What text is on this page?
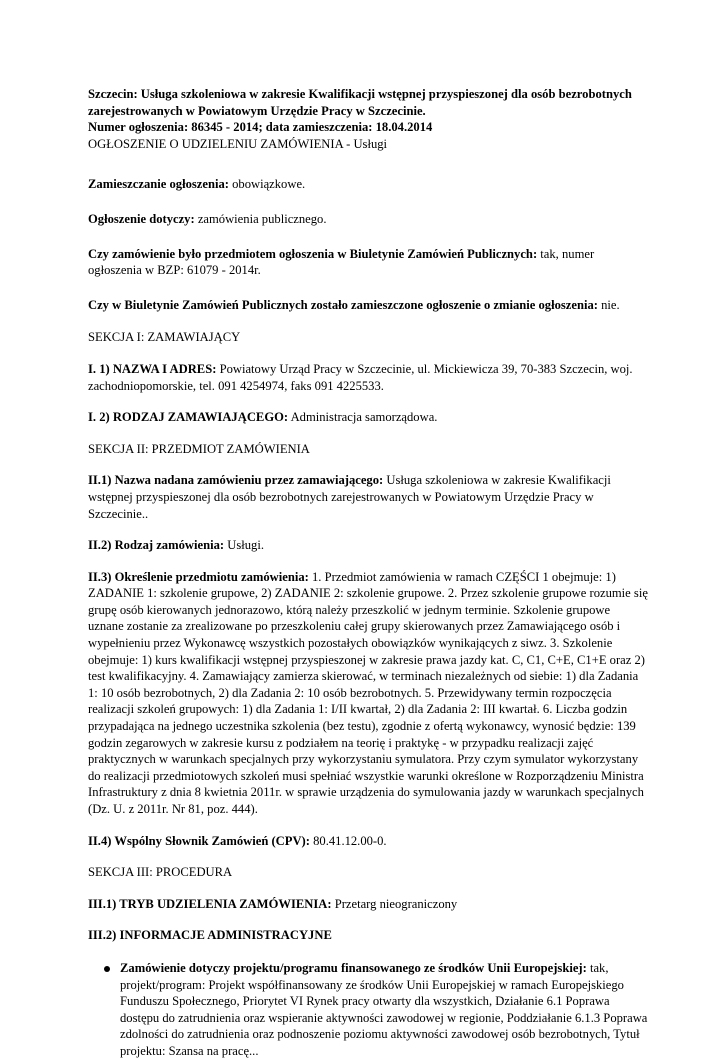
Szczecin: Usługa szkoleniowa w zakresie Kwalifikacji wstępnej przyspieszonej dla osób bezrobotnych zarejestrowanych w Powiatowym Urzędzie Pracy w Szczecinie.

Numer ogłoszenia: 86345 - 2014; data zamieszczenia: 18.04.2014

OGŁOSZENIE O UDZIELENIU ZAMÓWIENIA - Usługi

Zamieszczanie ogłoszenia: obowiązkowe.

Ogłoszenie dotyczy: zamówienia publicznego.

Czy zamówienie było przedmiotem ogłoszenia w Biuletynie Zamówień Publicznych: tak, numer ogłoszenia w BZP: 61079 - 2014r.

Czy w Biuletynie Zamówień Publicznych zostało zamieszczone ogłoszenie o zmianie ogłoszenia: nie.

SEKCJA I: ZAMAWIAJĄCY

I. 1) NAZWA I ADRES: Powiatowy Urząd Pracy w Szczecinie, ul. Mickiewicza 39, 70-383 Szczecin, woj. zachodniopomorskie, tel. 091 4254974, faks 091 4225533.

I. 2) RODZAJ ZAMAWIAJĄCEGO: Administracja samorządowa.

SEKCJA II: PRZEDMIOT ZAMÓWIENIA

II.1) Nazwa nadana zamówieniu przez zamawiającego: Usługa szkoleniowa w zakresie Kwalifikacji wstępnej przyspieszonej dla osób bezrobotnych zarejestrowanych w Powiatowym Urzędzie Pracy w Szczecinie..

II.2) Rodzaj zamówienia: Usługi.

II.3) Określenie przedmiotu zamówienia: 1. Przedmiot zamówienia w ramach CZĘŚCI 1 obejmuje: 1) ZADANIE 1: szkolenie grupowe, 2) ZADANIE 2: szkolenie grupowe. 2. Przez szkolenie grupowe rozumie się grupę osób kierowanych jednorazowo, którą należy przeszkolić w jednym terminie. Szkolenie grupowe uznane zostanie za zrealizowane po przeszkoleniu całej grupy skierowanych przez Zamawiającego osób i wypełnieniu przez Wykonawcę wszystkich pozostałych obowiązków wynikających z siwz. 3. Szkolenie obejmuje: 1) kurs kwalifikacji wstępnej przyspieszonej w zakresie prawa jazdy kat. C, C1, C+E, C1+E oraz 2) test kwalifikacyjny. 4. Zamawiający zamierza skierować, w terminach niezależnych od siebie: 1) dla Zadania 1: 10 osób bezrobotnych, 2) dla Zadania 2: 10 osób bezrobotnych. 5. Przewidywany termin rozpoczęcia realizacji szkoleń grupowych: 1) dla Zadania 1: I/II kwartał, 2) dla Zadania 2: III kwartał. 6. Liczba godzin przypadająca na jednego uczestnika szkolenia (bez testu), zgodnie z ofertą wykonawcy, wynosić będzie: 139 godzin zegarowych w zakresie kursu z podziałem na teorię i praktykę - w przypadku realizacji zajęć praktycznych w warunkach specjalnych przy wykorzystaniu symulatora. Przy czym symulator wykorzystany do realizacji przedmiotowych szkoleń musi spełniać wszystkie warunki określone w Rozporządzeniu Ministra Infrastruktury z dnia 8 kwietnia 2011r. w sprawie urządzenia do symulowania jazdy w warunkach specjalnych (Dz. U. z 2011r. Nr 81, poz. 444).

II.4) Wspólny Słownik Zamówień (CPV): 80.41.12.00-0.

SEKCJA III: PROCEDURA

III.1) TRYB UDZIELENIA ZAMÓWIENIA: Przetarg nieograniczony

III.2) INFORMACJE ADMINISTRACYJNE

Zamówienie dotyczy projektu/programu finansowanego ze środków Unii Europejskiej: tak, projekt/program: Projekt współfinansowany ze środków Unii Europejskiej w ramach Europejskiego Funduszu Społecznego, Priorytet VI Rynek pracy otwarty dla wszystkich, Działanie 6.1 Poprawa dostępu do zatrudnienia oraz wspieranie aktywności zawodowej w regionie, Poddziałanie 6.1.3 Poprawa zdolności do zatrudnienia oraz podnoszenie poziomu aktywności zawodowej osób bezrobotnych, Tytuł projektu: Szansa na pracę...
